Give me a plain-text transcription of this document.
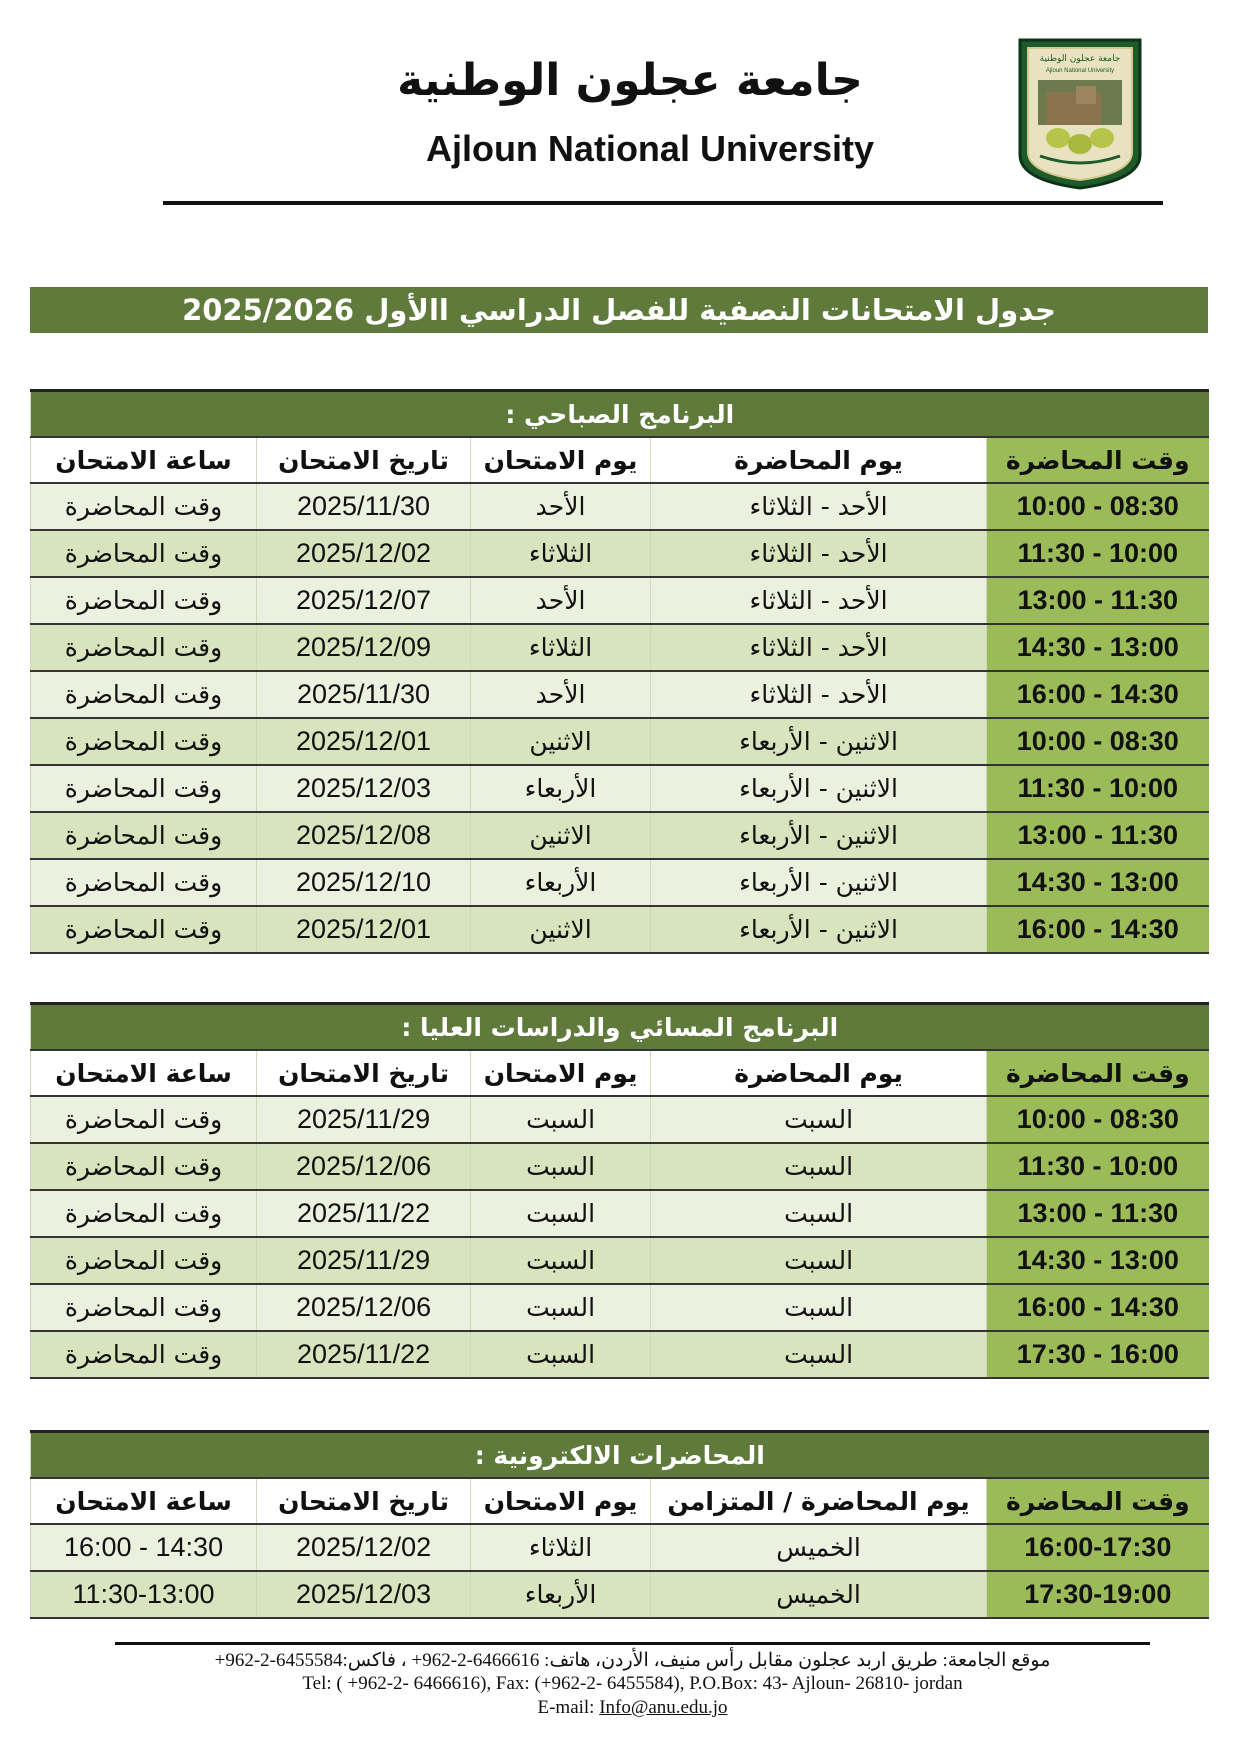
جامعة عجلون الوطنية
Ajloun National University
جامعة عجلون الوطنية
Ajloun National University
جدول الامتحانات النصفية للفصل الدراسي االأول 2025/2026
البرنامج الصباحي :				
وقت المحاضرة	يوم المحاضرة	يوم الامتحان	تاريخ الامتحان	ساعة الامتحان
08:30 - 10:00	الأحد - الثلاثاء	الأحد	2025/11/30	وقت المحاضرة
10:00 - 11:30	الأحد - الثلاثاء	الثلاثاء	2025/12/02	وقت المحاضرة
11:30 - 13:00	الأحد - الثلاثاء	الأحد	2025/12/07	وقت المحاضرة
13:00 - 14:30	الأحد - الثلاثاء	الثلاثاء	2025/12/09	وقت المحاضرة
14:30 - 16:00	الأحد - الثلاثاء	الأحد	2025/11/30	وقت المحاضرة
08:30 - 10:00	الاثنين - الأربعاء	الاثنين	2025/12/01	وقت المحاضرة
10:00 - 11:30	الاثنين - الأربعاء	الأربعاء	2025/12/03	وقت المحاضرة
11:30 - 13:00	الاثنين - الأربعاء	الاثنين	2025/12/08	وقت المحاضرة
13:00 - 14:30	الاثنين - الأربعاء	الأربعاء	2025/12/10	وقت المحاضرة
14:30 - 16:00	الاثنين - الأربعاء	الاثنين	2025/12/01	وقت المحاضرة
البرنامج المسائي والدراسات العليا :				
وقت المحاضرة	يوم المحاضرة	يوم الامتحان	تاريخ الامتحان	ساعة الامتحان
08:30 - 10:00	السبت	السبت	2025/11/29	وقت المحاضرة
10:00 - 11:30	السبت	السبت	2025/12/06	وقت المحاضرة
11:30 - 13:00	السبت	السبت	2025/11/22	وقت المحاضرة
13:00 - 14:30	السبت	السبت	2025/11/29	وقت المحاضرة
14:30 - 16:00	السبت	السبت	2025/12/06	وقت المحاضرة
16:00 - 17:30	السبت	السبت	2025/11/22	وقت المحاضرة
المحاضرات الالكترونية :				
وقت المحاضرة	يوم المحاضرة / المتزامن	يوم الامتحان	تاريخ الامتحان	ساعة الامتحان
16:00-17:30	الخميس	الثلاثاء	2025/12/02	14:30 - 16:00
17:30-19:00	الخميس	الأربعاء	2025/12/03	11:30-13:00
موقع الجامعة: طريق اربد عجلون مقابل رأس منيف، الأردن، هاتف: 6466616-2-962+ ، فاكس:6455584-2-962+
Tel: ( +962-2- 6466616), Fax: (+962-2- 6455584), P.O.Box: 43- Ajloun- 26810- jordan
E-mail: Info@anu.edu.jo
